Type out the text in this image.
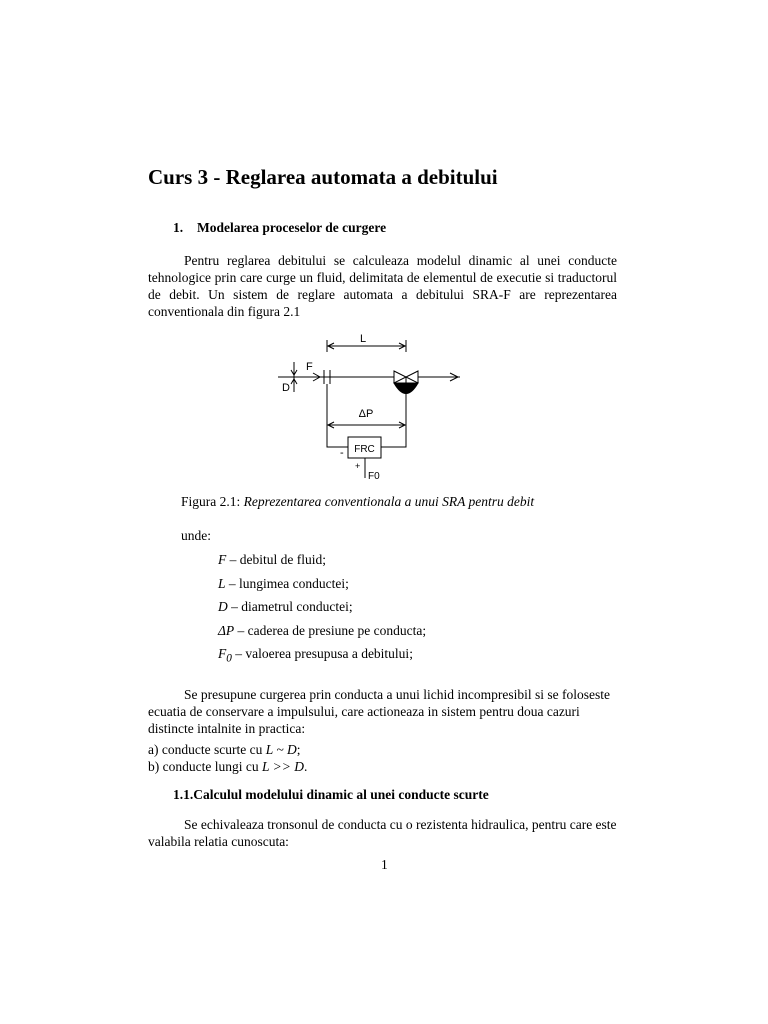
Curs 3 - Reglarea automata a debitului
1. Modelarea proceselor de curgere
Pentru reglarea debitului se calculeaza modelul dinamic al unei conducte tehnologice prin care curge un fluid, delimitata de elementul de executie si traductorul de debit. Un sistem de reglare automata a debitului SRA-F are reprezentarea conventionala din figura 2.1
L
F
D
ΔP
FRC
-
+
F0
Figura 2.1: Reprezentarea conventionala a unui SRA pentru debit
unde:
F – debitul de fluid;
L – lungimea conductei;
D – diametrul conductei;
ΔP – caderea de presiune pe conducta;
$F_0$ – valoerea presupusa a debitului;
Se presupune curgerea prin conducta a unui lichid incompresibil si se foloseste ecuatia de conservare a impulsului, care actioneaza in sistem pentru doua cazuri distincte intalnite in practica:
a) conducte scurte cu L ~ D;
b) conducte lungi cu L >> D.
1.1.Calculul modelului dinamic al unei conducte scurte
Se echivaleaza tronsonul de conducta cu o rezistenta hidraulica, pentru care este valabila relatia cunoscuta:
1
